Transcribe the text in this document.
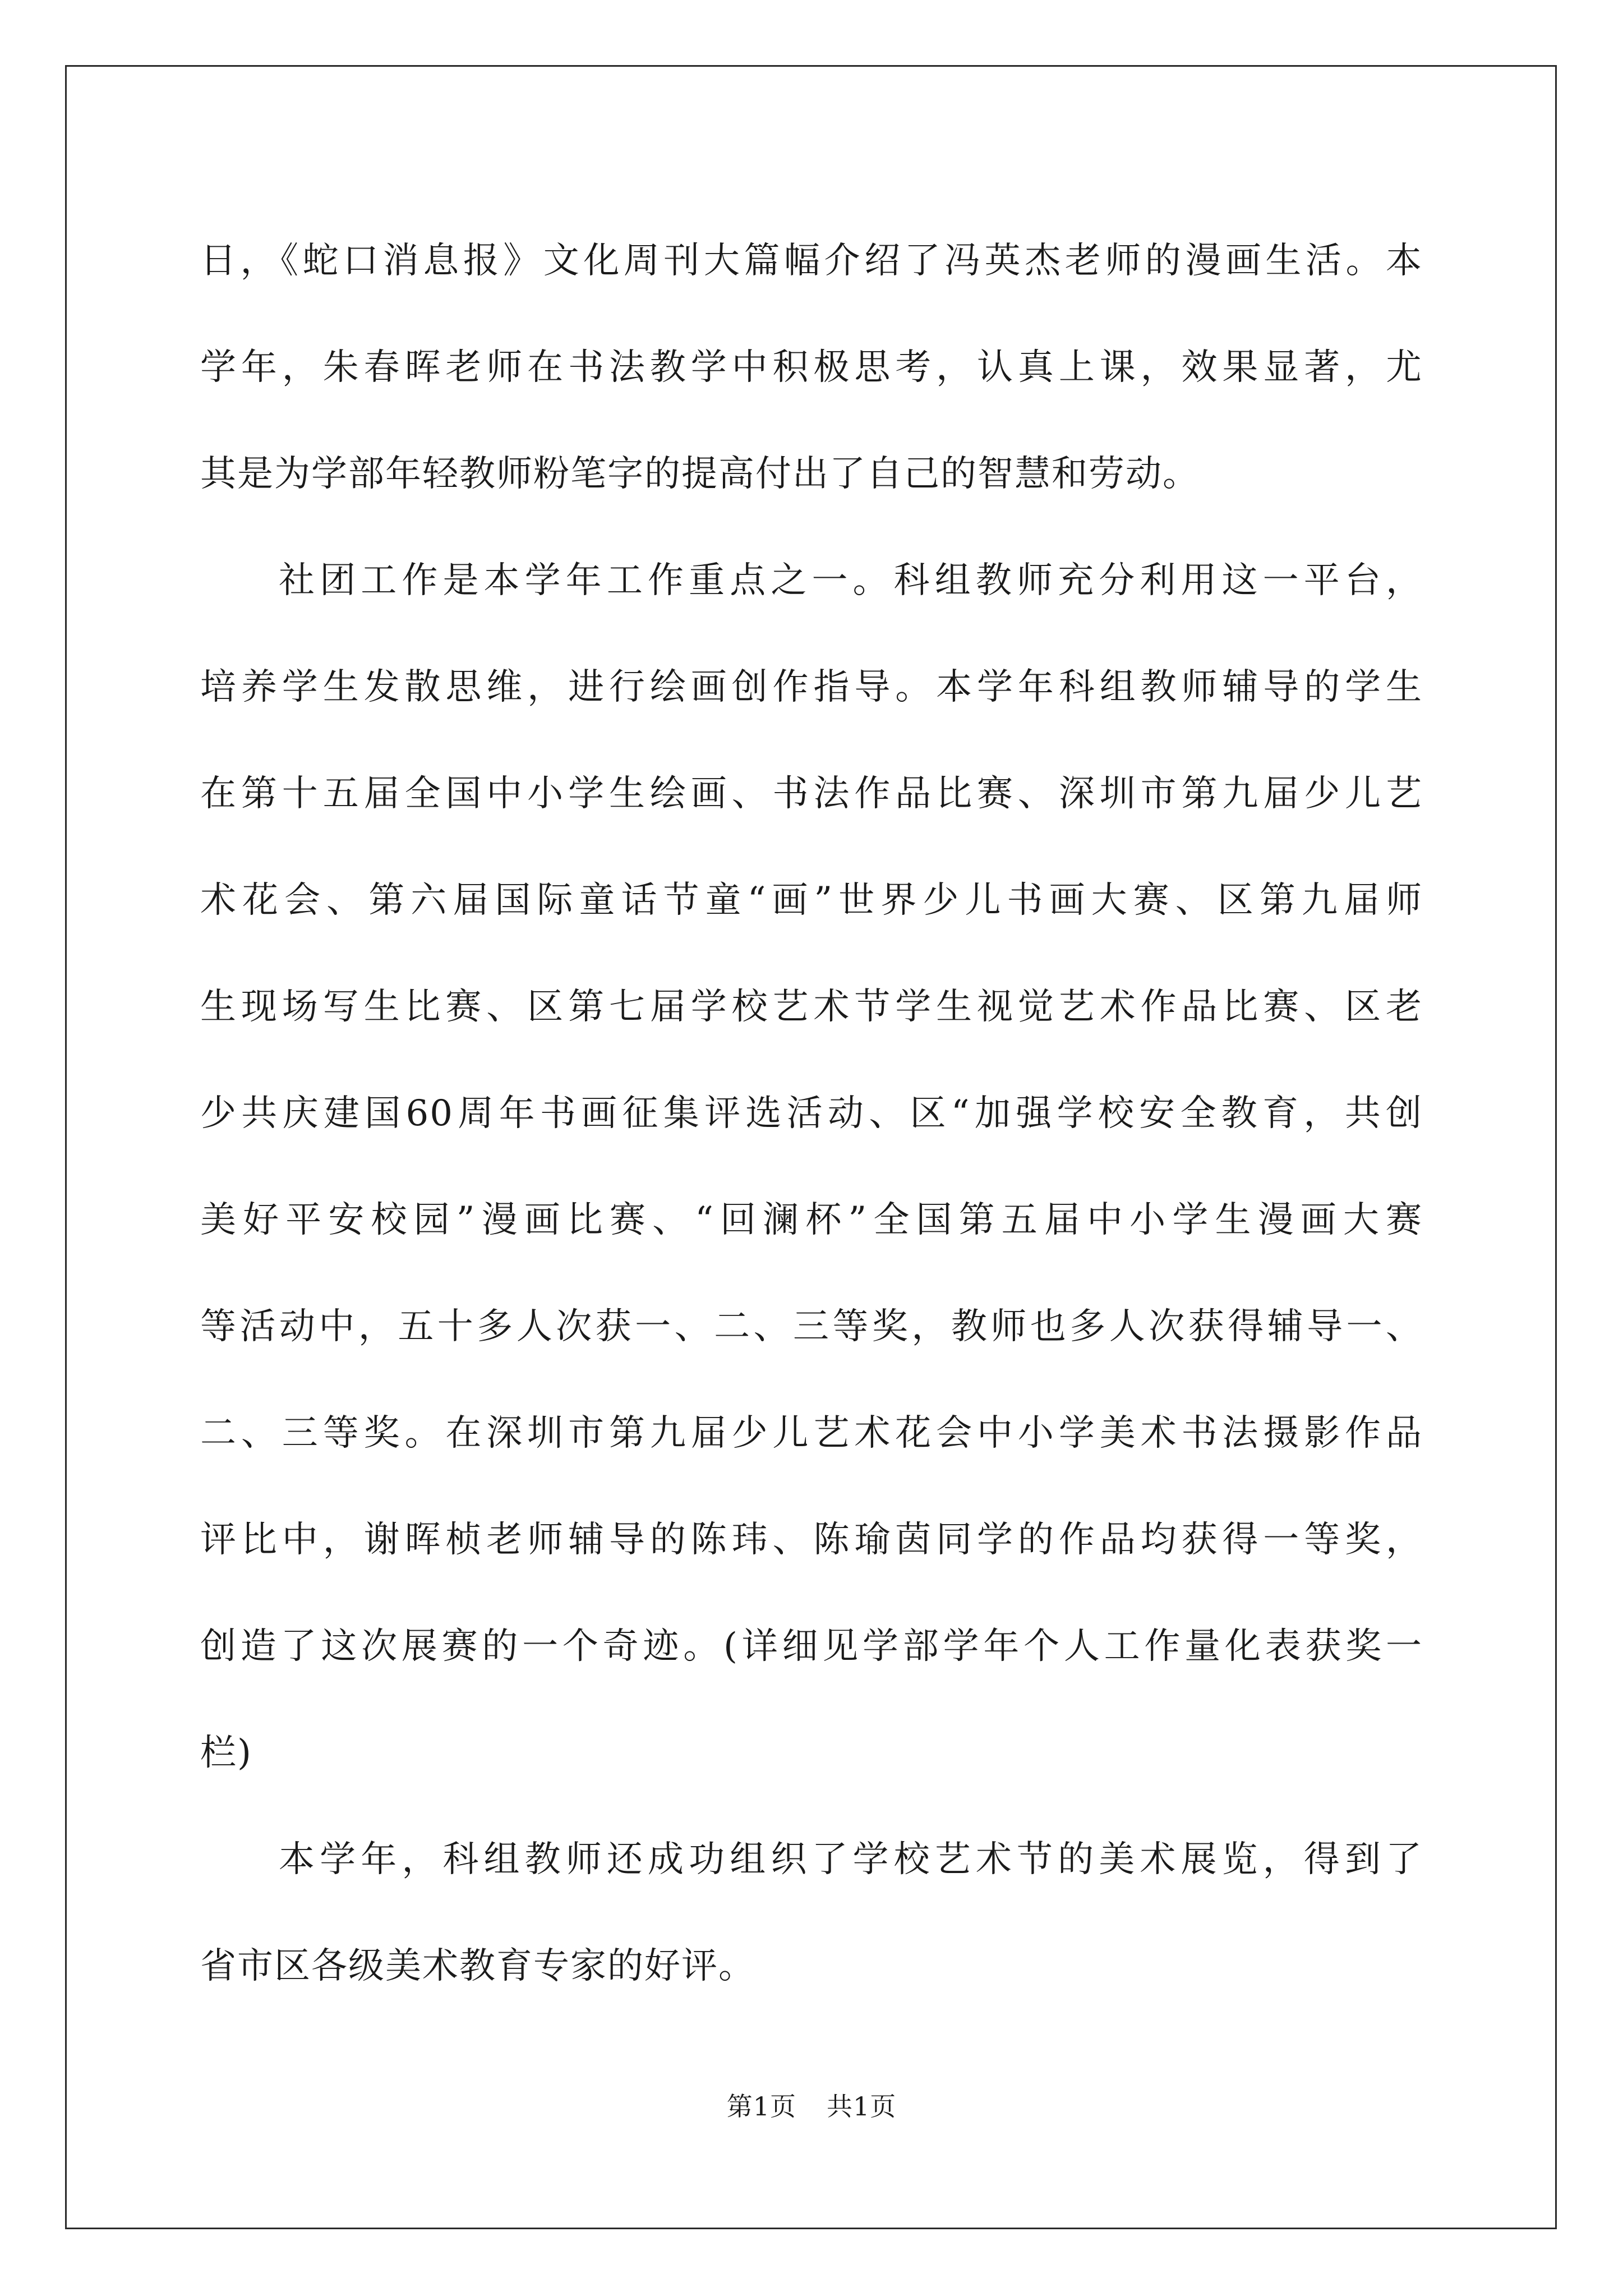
日，《蛇口消息报》文化周刊大篇幅介绍了冯英杰老师的漫画生活。本
学年，朱春晖老师在书法教学中积极思考，认真上课，效果显著，尤
其是为学部年轻教师粉笔字的提高付出了自己的智慧和劳动。
社团工作是本学年工作重点之一。科组教师充分利用这一平台，
培养学生发散思维，进行绘画创作指导。本学年科组教师辅导的学生
在第十五届全国中小学生绘画、书法作品比赛、深圳市第九届少儿艺
术花会、第六届国际童话节童“画”世界少儿书画大赛、区第九届师
生现场写生比赛、区第七届学校艺术节学生视觉艺术作品比赛、区老
少共庆建国60周年书画征集评选活动、区“加强学校安全教育，共创
美好平安校园”漫画比赛、“回澜杯”全国第五届中小学生漫画大赛
等活动中，五十多人次获一、二、三等奖，教师也多人次获得辅导一、
二、三等奖。在深圳市第九届少儿艺术花会中小学美术书法摄影作品
评比中，谢晖桢老师辅导的陈玮、陈瑜茵同学的作品均获得一等奖，
创造了这次展赛的一个奇迹。(详细见学部学年个人工作量化表获奖一
栏)
本学年，科组教师还成功组织了学校艺术节的美术展览，得到了
省市区各级美术教育专家的好评。
第1页 共1页
